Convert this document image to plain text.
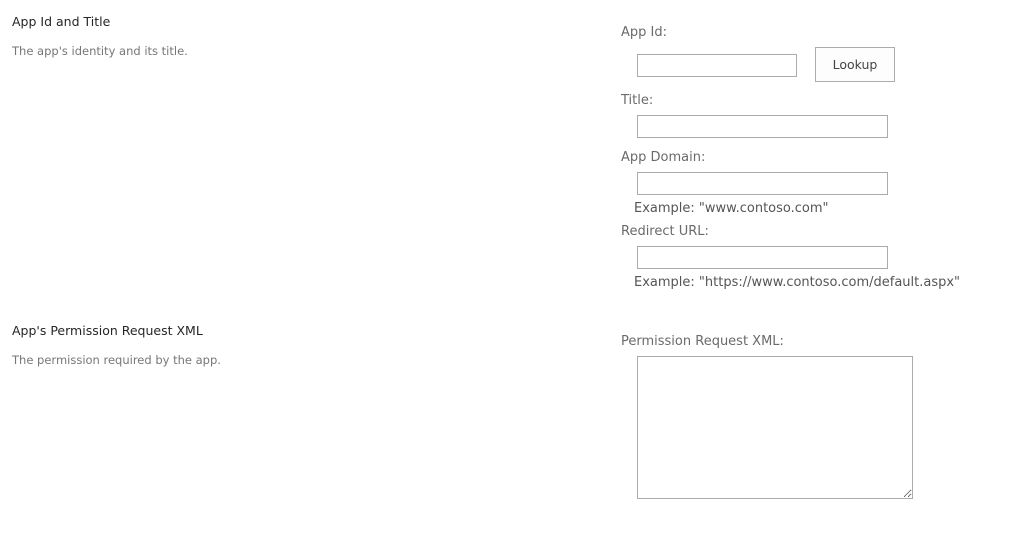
App Id and Title
The app's identity and its title.
App Id:
Lookup
Title:
App Domain:
Example: "www.contoso.com"
Redirect URL:
Example: "https://www.contoso.com/default.aspx"
App's Permission Request XML
The permission required by the app.
Permission Request XML:
